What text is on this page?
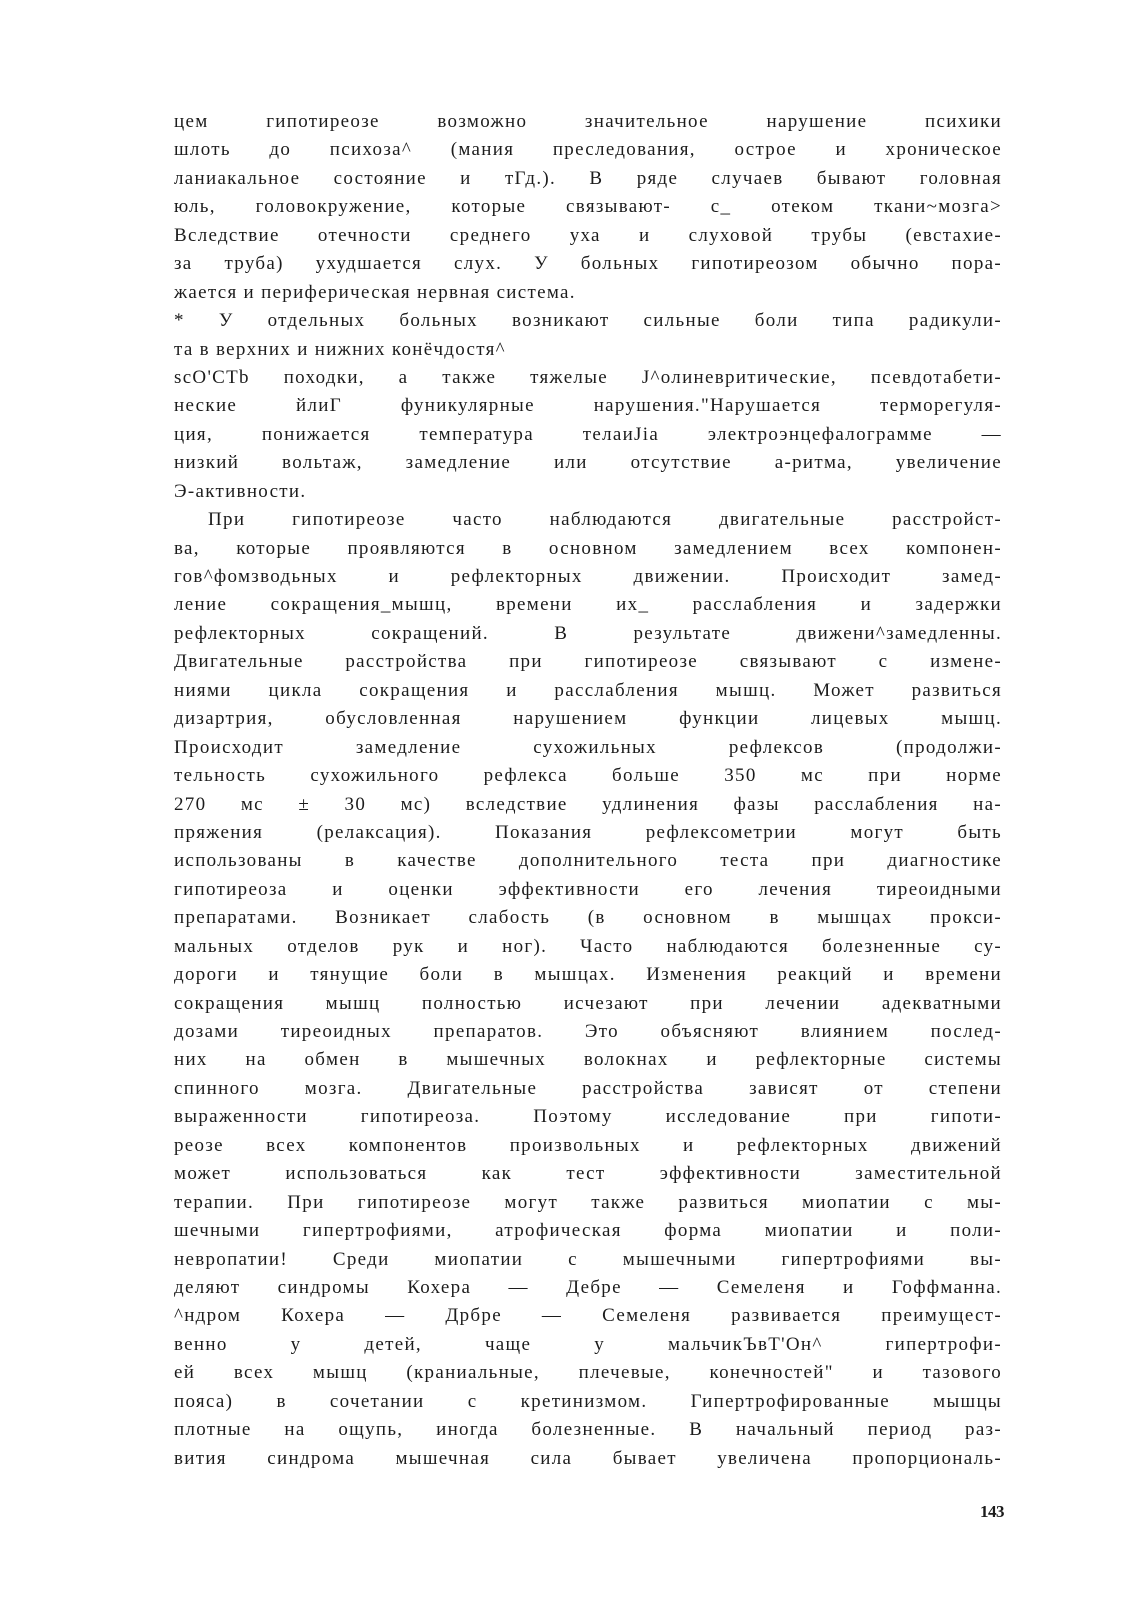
цем гипотиреозе возможно значительное нарушение психики
шлоть до психоза^ (мания преследования, острое и хроническое
ланиакальное состояние и тГд.). В ряде случаев бывают головная
юль, головокружение, которые связывают- с_ отеком ткани~мозга>
Вследствие отечности среднего уха и слуховой трубы (евстахие-
за труба) ухудшается слух. У больных гипотиреозом обычно пора-
жается и периферическая нервная система.
* У отдельных больных возникают сильные боли типа радикули-
та в верхних и нижних конёчдостя^
scO'CTb походки, а также тяжелые J^олиневритические, псевдотабети-
неские йлиГ фуникулярные нарушения."Нарушается терморегуля-
ция, понижается температура телаиJia электроэнцефалограмме —
низкий вольтаж, замедление или отсутствие а-ритма, увеличение
Э-активности.
При гипотиреозе часто наблюдаются двигательные расстройст-
ва, которые проявляются в основном замедлением всех компонен-
гов^фомзводьных и рефлекторных движении. Происходит замед-
ление сокращения_мышц, времени их_ расслабления и задержки
рефлекторных сокращений. В результате движени^замедленны.
Двигательные расстройства при гипотиреозе связывают с измене-
ниями цикла сокращения и расслабления мышц. Может развиться
дизартрия, обусловленная нарушением функции лицевых мышц.
Происходит замедление сухожильных рефлексов (продолжи-
тельность сухожильного рефлекса больше 350 мс при норме
270 мс ± 30 мс) вследствие удлинения фазы расслабления на-
пряжения (релаксация). Показания рефлексометрии могут быть
использованы в качестве дополнительного теста при диагностике
гипотиреоза и оценки эффективности его лечения тиреоидными
препаратами. Возникает слабость (в основном в мышцах прокси-
мальных отделов рук и ног). Часто наблюдаются болезненные су-
дороги и тянущие боли в мышцах. Изменения реакций и времени
сокращения мышц полностью исчезают при лечении адекватными
дозами тиреоидных препаратов. Это объясняют влиянием послед-
них на обмен в мышечных волокнах и рефлекторные системы
спинного мозга. Двигательные расстройства зависят от степени
выраженности гипотиреоза. Поэтому исследование при гипоти-
реозе всех компонентов произвольных и рефлекторных движений
может использоваться как тест эффективности заместительной
терапии. При гипотиреозе могут также развиться миопатии с мы-
шечными гипертрофиями, атрофическая форма миопатии и поли-
невропатии! Среди миопатии с мышечными гипертрофиями вы-
деляют синдромы Кохера — Дебре — Семеленя и Гоффманна.
^ндром Кохера — Дрбре — Семеленя развивается преимущест-
венно у детей, чаще у мальчикЪвТ'Он^ гипертрофи-
ей всех мышц (краниальные, плечевые, конечностей" и тазового
пояса) в сочетании с кретинизмом. Гипертрофированные мышцы
плотные на ощупь, иногда болезненные. В начальный период раз-
вития синдрома мышечная сила бывает увеличена пропорциональ-
143
